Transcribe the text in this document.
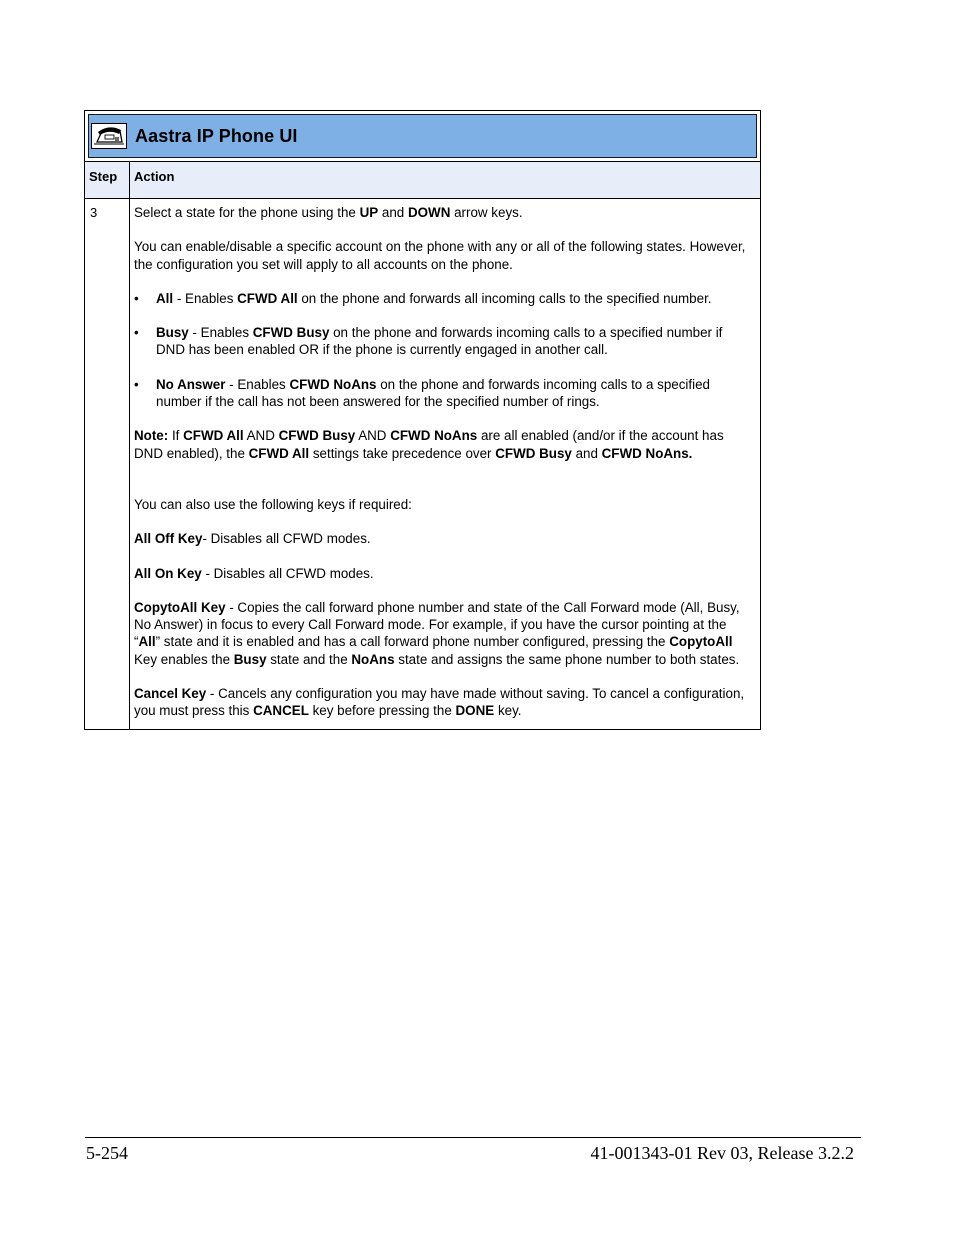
Aastra IP Phone UI
Step	Action
3	Select a state for the phone using the UP and DOWN arrow keys.

You can enable/disable a specific account on the phone with any or all of the following states. However, the configuration you set will apply to all accounts on the phone.

•	All - Enables CFWD All on the phone and forwards all incoming calls to the specified number.
•	Busy - Enables CFWD Busy on the phone and forwards incoming calls to a specified number if DND has been enabled OR if the phone is currently engaged in another call.
•	No Answer - Enables CFWD NoAns on the phone and forwards incoming calls to a specified number if the call has not been answered for the specified number of rings.

Note: If CFWD All AND CFWD Busy AND CFWD NoAns are all enabled (and/or if the account has DND enabled), the CFWD All settings take precedence over CFWD Busy and CFWD NoAns.

You can also use the following keys if required:

All Off Key- Disables all CFWD modes.

All On Key - Disables all CFWD modes.

CopytoAll Key - Copies the call forward phone number and state of the Call Forward mode (All, Busy, No Answer) in focus to every Call Forward mode. For example, if you have the cursor pointing at the “All” state and it is enabled and has a call forward phone number configured, pressing the CopytoAll Key enables the Busy state and the NoAns state and assigns the same phone number to both states.

Cancel Key - Cancels any configuration you may have made without saving. To cancel a configuration, you must press this CANCEL key before pressing the DONE key.

5-254	41-001343-01 Rev 03, Release 3.2.2
